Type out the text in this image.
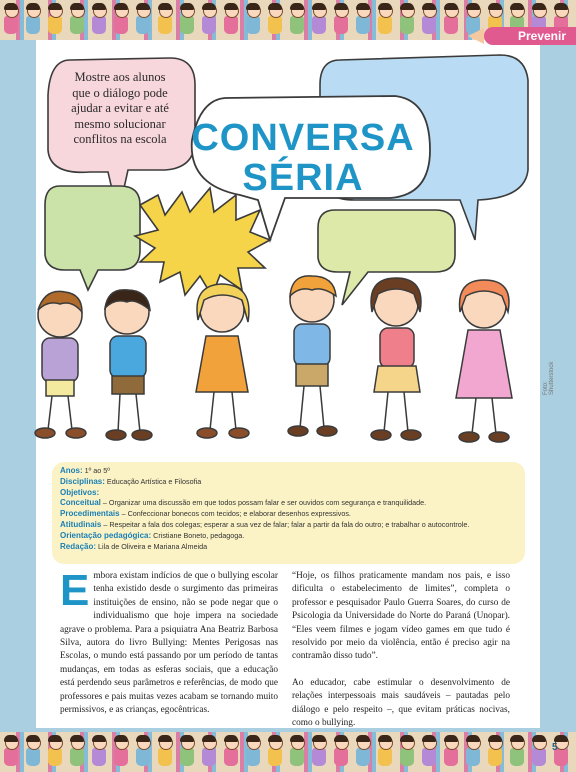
Prevenir
Mostre aos alunos
que o diálogo pode
ajudar a evitar e até
mesmo solucionar
conflitos na escola CONVERSA
SÉRIA
Foto: Shutterstock
Anos: 1º ao 5º
Disciplinas: Educação Artística e Filosofia
Objetivos:
Conceitual – Organizar uma discussão em que todos possam falar e ser ouvidos com segurança e tranquilidade.
Procedimentais – Confeccionar bonecos com tecidos; e elaborar desenhos expressivos.
Atitudinais – Respeitar a fala dos colegas; esperar a sua vez de falar; falar a partir da fala do outro; e trabalhar o autocontrole.
Orientação pedagógica: Cristiane Boneto, pedagoga.
Redação: Lila de Oliveira e Mariana Almeida
E mbora existam indícios de que o bullying escolar tenha existido desde o surgimento das primeiras instituições de ensino, não se pode negar que o individualismo que hoje impera na sociedade agrave o problema. Para a psiquiatra Ana Beatriz Barbosa Silva, autora do livro Bullying: Mentes Perigosas nas Escolas, o mundo está passando por um período de tantas mudanças, em todas as esferas sociais, que a educação está perdendo seus parâmetros e referências, de modo que professores e pais muitas vezes acabam se tornando muito permissivos, e as crianças, egocêntricas.

“Hoje, os filhos praticamente mandam nos pais, e isso dificulta o estabelecimento de limites”, completa o professor e pesquisador Paulo Guerra Soares, do curso de Psicologia da Universidade do Norte do Paraná (Unopar). “Eles veem filmes e jogam vídeo games em que tudo é resolvido por meio da violência, então é preciso agir na contramão disso tudo”.

Ao educador, cabe estimular o desenvolvimento de relações interpessoais mais saudáveis – pautadas pelo diálogo e pelo respeito –, que evitam práticas nocivas, como o bullying.

5
